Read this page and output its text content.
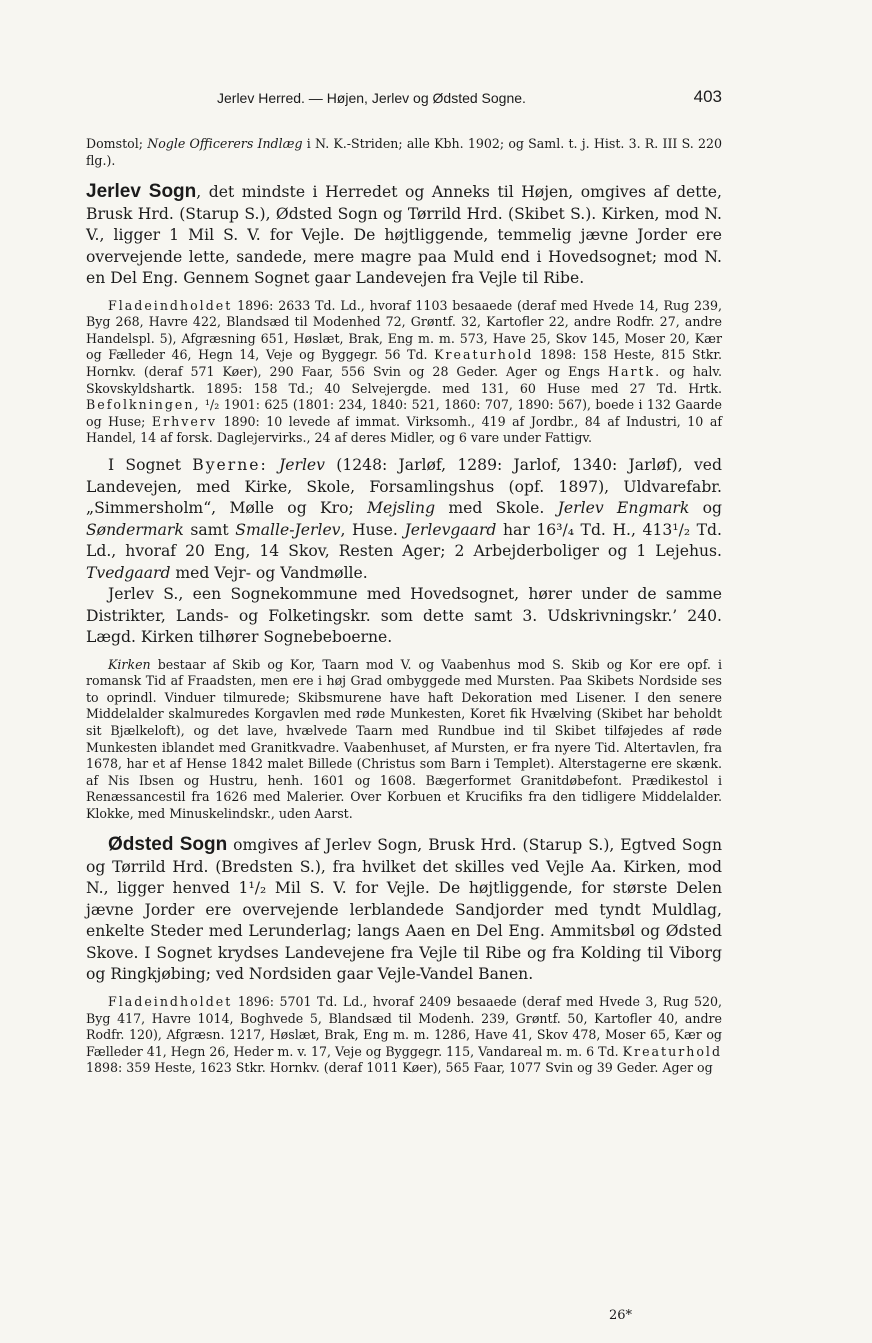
Jerlev Herred. — Højen, Jerlev og Ødsted Sogne.	403

Domstol; Nogle Officerers Indlæg i N. K.-Striden; alle Kbh. 1902; og Saml. t. j. Hist. 3. R. III S. 220 flg.).

Jerlev Sogn, det mindste i Herredet og Anneks til Højen, omgives af dette, Brusk Hrd. (Starup S.), Ødsted Sogn og Tørrild Hrd. (Skibet S.). Kirken, mod N. V., ligger 1 Mil S. V. for Vejle. De højtliggende, temmelig jævne Jorder ere overvejende lette, sandede, mere magre paa Muld end i Hovedsognet; mod N. en Del Eng. Gennem Sognet gaar Landevejen fra Vejle til Ribe.

Fladeindholdet 1896: 2633 Td. Ld., hvoraf 1103 besaaede (deraf med Hvede 14, Rug 239, Byg 268, Havre 422, Blandsæd til Modenhed 72, Grøntf. 32, Kartofler 22, andre Rodfr. 27, andre Handelspl. 5), Afgræsning 651, Høslæt, Brak, Eng m. m. 573, Have 25, Skov 145, Moser 20, Kær og Fælleder 46, Hegn 14, Veje og Byggegr. 56 Td. Kreaturhold 1898: 158 Heste, 815 Stkr. Hornkv. (deraf 571 Køer), 290 Faar, 556 Svin og 28 Geder. Ager og Engs Hartk. og halv. Skovskyldshartk. 1895: 158 Td.; 40 Selvejergde. med 131, 60 Huse med 27 Td. Hrtk. Befolkningen, ¹/₂ 1901: 625 (1801: 234, 1840: 521, 1860: 707, 1890: 567), boede i 132 Gaarde og Huse; Erhverv 1890: 10 levede af immat. Virksomh., 419 af Jordbr., 84 af Industri, 10 af Handel, 14 af forsk. Daglejervirks., 24 af deres Midler, og 6 vare under Fattigv.

I Sognet Byerne: Jerlev (1248: Jarløf, 1289: Jarlof, 1340: Jarløf), ved Landevejen, med Kirke, Skole, Forsamlingshus (opf. 1897), Uldvarefabr. „Simmersholm“, Mølle og Kro; Mejsling med Skole. Jerlev Engmark og Søndermark samt Smalle-Jerlev, Huse. Jerlevgaard har 16³/₄ Td. H., 413¹/₂ Td. Ld., hvoraf 20 Eng, 14 Skov, Resten Ager; 2 Arbejderboliger og 1 Lejehus. Tvedgaard med Vejr- og Vandmølle.

Jerlev S., een Sognekommune med Hovedsognet, hører under de samme Distrikter, Lands- og Folketingskr. som dette samt 3. Udskrivningskr.’ 240. Lægd. Kirken tilhører Sognebeboerne.

Kirken bestaar af Skib og Kor, Taarn mod V. og Vaabenhus mod S. Skib og Kor ere opf. i romansk Tid af Fraadsten, men ere i høj Grad ombyggede med Mursten. Paa Skibets Nordside ses to oprindl. Vinduer tilmurede; Skibsmurene have haft Dekoration med Lisener. I den senere Middelalder skalmuredes Korgavlen med røde Munkesten, Koret fik Hvælving (Skibet har beholdt sit Bjælkeloft), og det lave, hvælvede Taarn med Rundbue ind til Skibet tilføjedes af røde Munkesten iblandet med Granitkvadre. Vaabenhuset, af Mursten, er fra nyere Tid. Altertavlen, fra 1678, har et af Hense 1842 malet Billede (Christus som Barn i Templet). Alterstagerne ere skænk. af Nis Ibsen og Hustru, henh. 1601 og 1608. Bægerformet Granitdøbefont. Prædikestol i Renæssancestil fra 1626 med Malerier. Over Korbuen et Krucifiks fra den tidligere Middelalder. Klokke, med Minuskelindskr., uden Aarst.

Ødsted Sogn omgives af Jerlev Sogn, Brusk Hrd. (Starup S.), Egtved Sogn og Tørrild Hrd. (Bredsten S.), fra hvilket det skilles ved Vejle Aa. Kirken, mod N., ligger henved 1¹/₂ Mil S. V. for Vejle. De højtliggende, for største Delen jævne Jorder ere overvejende lerblandede Sandjorder med tyndt Muldlag, enkelte Steder med Lerunderlag; langs Aaen en Del Eng. Ammitsbøl og Ødsted Skove. I Sognet krydses Landevejene fra Vejle til Ribe og fra Kolding til Viborg og Ringkjøbing; ved Nordsiden gaar Vejle-Vandel Banen.

Fladeindholdet 1896: 5701 Td. Ld., hvoraf 2409 besaaede (deraf med Hvede 3, Rug 520, Byg 417, Havre 1014, Boghvede 5, Blandsæd til Modenh. 239, Grøntf. 50, Kartofler 40, andre Rodfr. 120), Afgræsn. 1217, Høslæt, Brak, Eng m. m. 1286, Have 41, Skov 478, Moser 65, Kær og Fælleder 41, Hegn 26, Heder m. v. 17, Veje og Byggegr. 115, Vandareal m. m. 6 Td. Kreaturhold 1898: 359 Heste, 1623 Stkr. Hornkv. (deraf 1011 Køer), 565 Faar, 1077 Svin og 39 Geder. Ager og

26*
